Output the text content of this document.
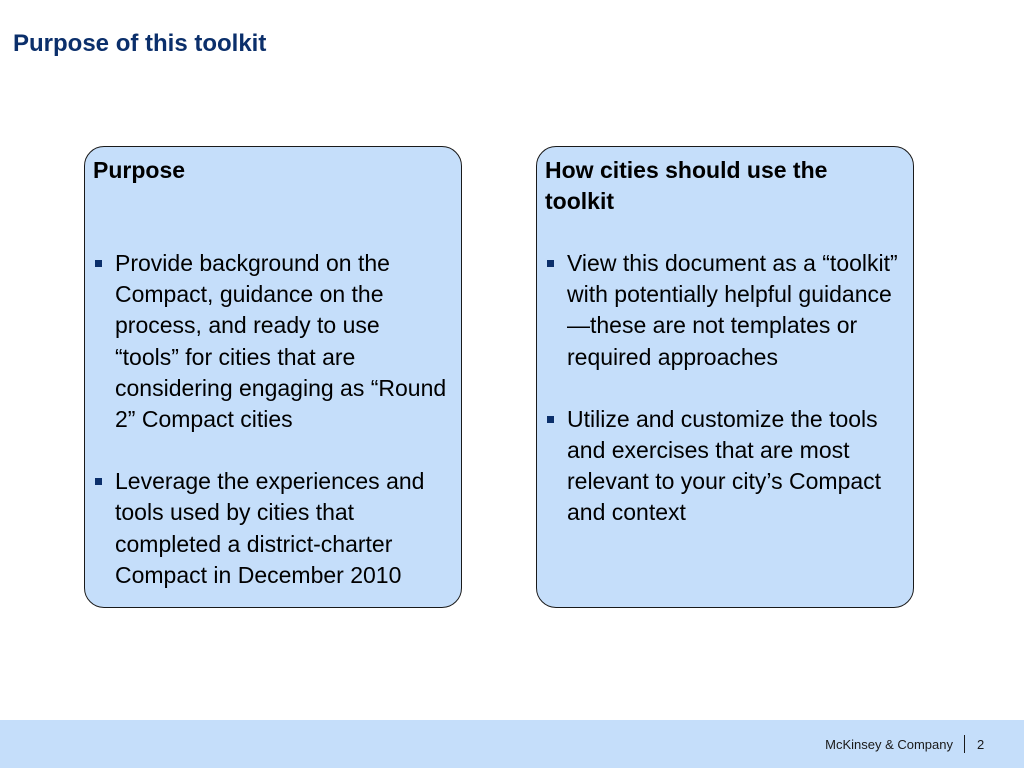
Purpose of this toolkit
Purpose
Provide background on the Compact, guidance on the process, and ready to use “tools” for cities that are considering engaging as “Round 2” Compact cities
Leverage the experiences and tools used by cities that completed a district-charter Compact in December 2010
How cities should use the toolkit
View this document as a “toolkit” with potentially helpful guidance—these are not templates or required approaches
Utilize and customize the tools and exercises that are most relevant to your city’s Compact and context
McKinsey & Company 2
